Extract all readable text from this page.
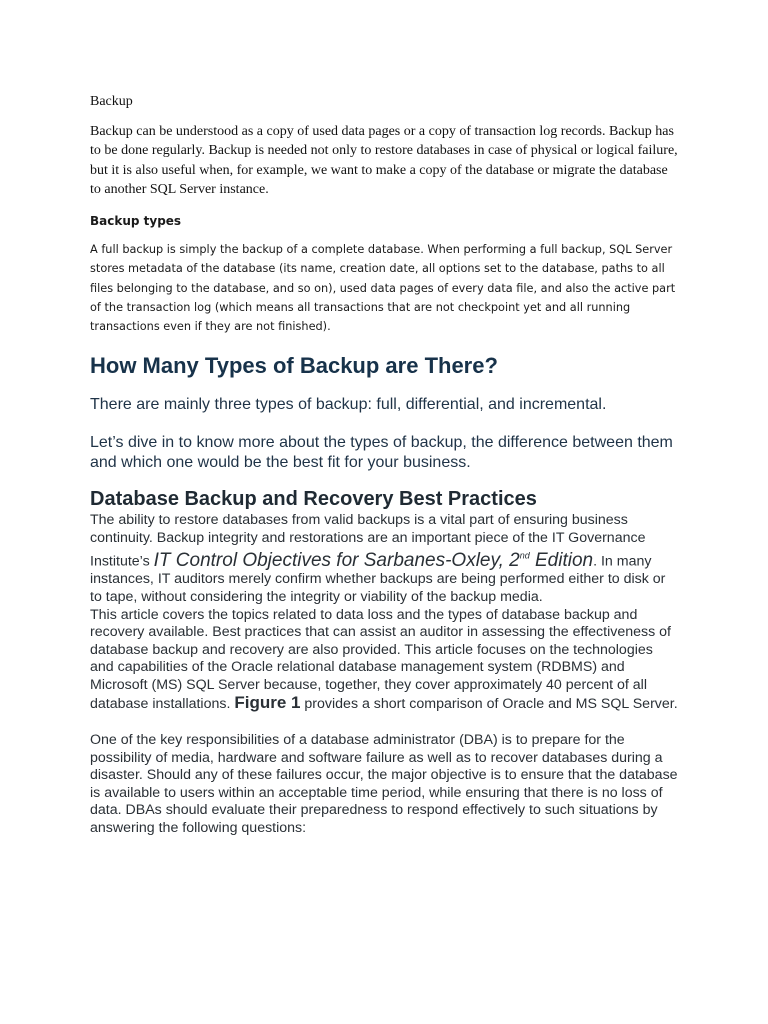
Backup

Backup can be understood as a copy of used data pages or a copy of transaction log records. Backup has to be done regularly. Backup is needed not only to restore databases in case of physical or logical failure, but it is also useful when, for example, we want to make a copy of the database or migrate the database to another SQL Server instance.

Backup types

A full backup is simply the backup of a complete database. When performing a full backup, SQL Server stores metadata of the database (its name, creation date, all options set to the database, paths to all files belonging to the database, and so on), used data pages of every data file, and also the active part of the transaction log (which means all transactions that are not checkpoint yet and all running transactions even if they are not finished).

How Many Types of Backup are There?

There are mainly three types of backup: full, differential, and incremental.

Let’s dive in to know more about the types of backup, the difference between them and which one would be the best fit for your business.

Database Backup and Recovery Best Practices

The ability to restore databases from valid backups is a vital part of ensuring business continuity. Backup integrity and restorations are an important piece of the IT Governance Institute’s IT Control Objectives for Sarbanes-Oxley, 2nd Edition. In many instances, IT auditors merely confirm whether backups are being performed either to disk or to tape, without considering the integrity or viability of the backup media.

This article covers the topics related to data loss and the types of database backup and recovery available. Best practices that can assist an auditor in assessing the effectiveness of database backup and recovery are also provided. This article focuses on the technologies and capabilities of the Oracle relational database management system (RDBMS) and Microsoft (MS) SQL Server because, together, they cover approximately 40 percent of all database installations. Figure 1 provides a short comparison of Oracle and MS SQL Server.

One of the key responsibilities of a database administrator (DBA) is to prepare for the possibility of media, hardware and software failure as well as to recover databases during a disaster. Should any of these failures occur, the major objective is to ensure that the database is available to users within an acceptable time period, while ensuring that there is no loss of data. DBAs should evaluate their preparedness to respond effectively to such situations by answering the following questions:
